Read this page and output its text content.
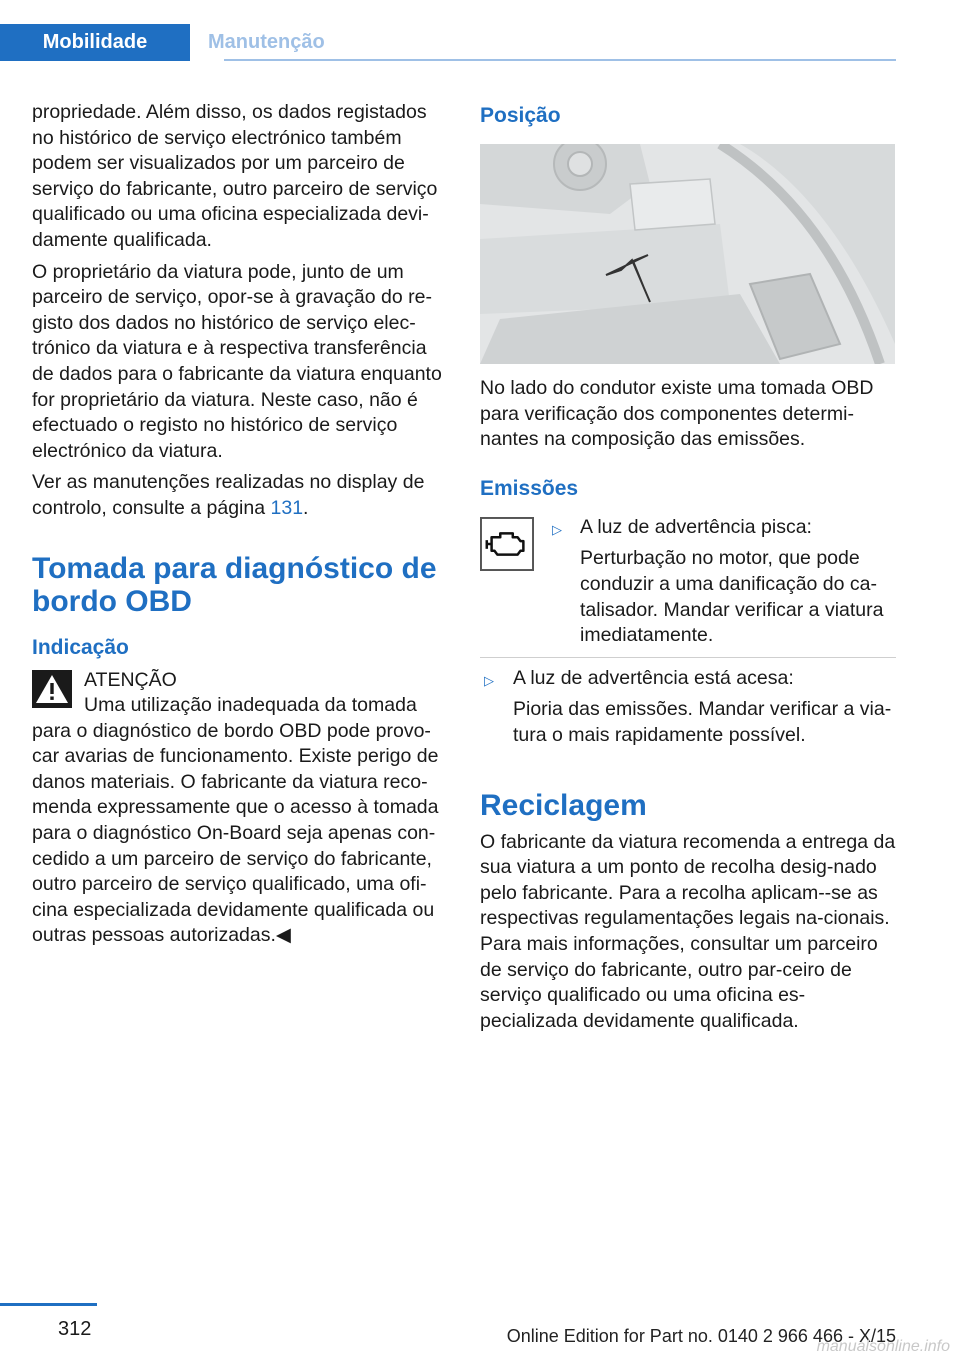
Mobilidade	Manutenção

propriedade. Além disso, os dados registados no histórico de serviço electrónico também podem ser visualizados por um parceiro de serviço do fabricante, outro parceiro de serviço qualificado ou uma oficina especializada devi‐damente qualificada.

O proprietário da viatura pode, junto de um parceiro de serviço, opor-se à gravação do re‐gisto dos dados no histórico de serviço elec‐trónico da viatura e à respectiva transferência de dados para o fabricante da viatura enquanto for proprietário da viatura. Neste caso, não é efectuado o registo no histórico de serviço electrónico da viatura.

Ver as manutenções realizadas no display de controlo, consulte a página 131.

Tomada para diagnóstico de bordo OBD
Indicação
ATENÇÃO
Uma utilização inadequada da tomada
para o diagnóstico de bordo OBD pode provo‐car avarias de funcionamento. Existe perigo de danos materiais. O fabricante da viatura reco‐menda expressamente que o acesso à tomada para o diagnóstico On-Board seja apenas con‐cedido a um parceiro de serviço do fabricante, outro parceiro de serviço qualificado, uma ofi‐cina especializada devidamente qualificada ou outras pessoas autorizadas.◀
Posição

No lado do condutor existe uma tomada OBD para verificação dos componentes determi‐nantes na composição das emissões.

Emissões
▷ A luz de advertência pisca:
Perturbação no motor, que pode conduzir a uma danificação do ca‐talisador. Mandar verificar a viatura imediatamente.
▷ A luz de advertência está acesa:
Pioria das emissões. Mandar verificar a via‐tura o mais rapidamente possível.
Reciclagem

O fabricante da viatura recomenda a entrega da sua viatura a um ponto de recolha desig‐nado pelo fabricante. Para a recolha aplicam--se as respectivas regulamentações legais na‐cionais. Para mais informações, consultar um parceiro de serviço do fabricante, outro par‐ceiro de serviço qualificado ou uma oficina es‐pecializada devidamente qualificada.

312	Online Edition for Part no. 0140 2 966 466 - X/15
manualsonline.info
